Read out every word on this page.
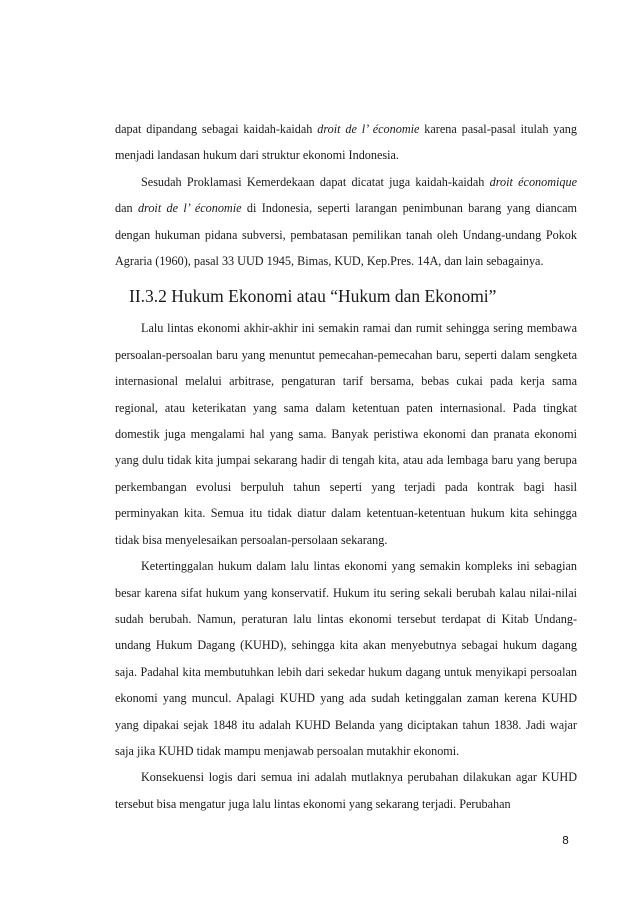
dapat dipandang sebagai kaidah-kaidah droit de l’ économie karena pasal-pasal itulah yang menjadi landasan hukum dari struktur ekonomi Indonesia.

Sesudah Proklamasi Kemerdekaan dapat dicatat juga kaidah-kaidah droit économique dan droit de l’ économie di Indonesia, seperti larangan penimbunan barang yang diancam dengan hukuman pidana subversi, pembatasan pemilikan tanah oleh Undang-undang Pokok Agraria (1960), pasal 33 UUD 1945, Bimas, KUD, Kep.Pres. 14A, dan lain sebagainya.

II.3.2 Hukum Ekonomi atau “Hukum dan Ekonomi”

Lalu lintas ekonomi akhir-akhir ini semakin ramai dan rumit sehingga sering membawa persoalan-persoalan baru yang menuntut pemecahan-pemecahan baru, seperti dalam sengketa internasional melalui arbitrase, pengaturan tarif bersama, bebas cukai pada kerja sama regional, atau keterikatan yang sama dalam ketentuan paten internasional. Pada tingkat domestik juga mengalami hal yang sama. Banyak peristiwa ekonomi dan pranata ekonomi yang dulu tidak kita jumpai sekarang hadir di tengah kita, atau ada lembaga baru yang berupa perkembangan evolusi berpuluh tahun seperti yang terjadi pada kontrak bagi hasil perminyakan kita. Semua itu tidak diatur dalam ketentuan-ketentuan hukum kita sehingga tidak bisa menyelesaikan persoalan-persolaan sekarang.

Ketertinggalan hukum dalam lalu lintas ekonomi yang semakin kompleks ini sebagian besar karena sifat hukum yang konservatif. Hukum itu sering sekali berubah kalau nilai-nilai sudah berubah. Namun, peraturan lalu lintas ekonomi tersebut terdapat di Kitab Undang-undang Hukum Dagang (KUHD), sehingga kita akan menyebutnya sebagai hukum dagang saja. Padahal kita membutuhkan lebih dari sekedar hukum dagang untuk menyikapi persoalan ekonomi yang muncul. Apalagi KUHD yang ada sudah ketinggalan zaman kerena KUHD yang dipakai sejak 1848 itu adalah KUHD Belanda yang diciptakan tahun 1838. Jadi wajar saja jika KUHD tidak mampu menjawab persoalan mutakhir ekonomi.

Konsekuensi logis dari semua ini adalah mutlaknya perubahan dilakukan agar KUHD tersebut bisa mengatur juga lalu lintas ekonomi yang sekarang terjadi. Perubahan

8
